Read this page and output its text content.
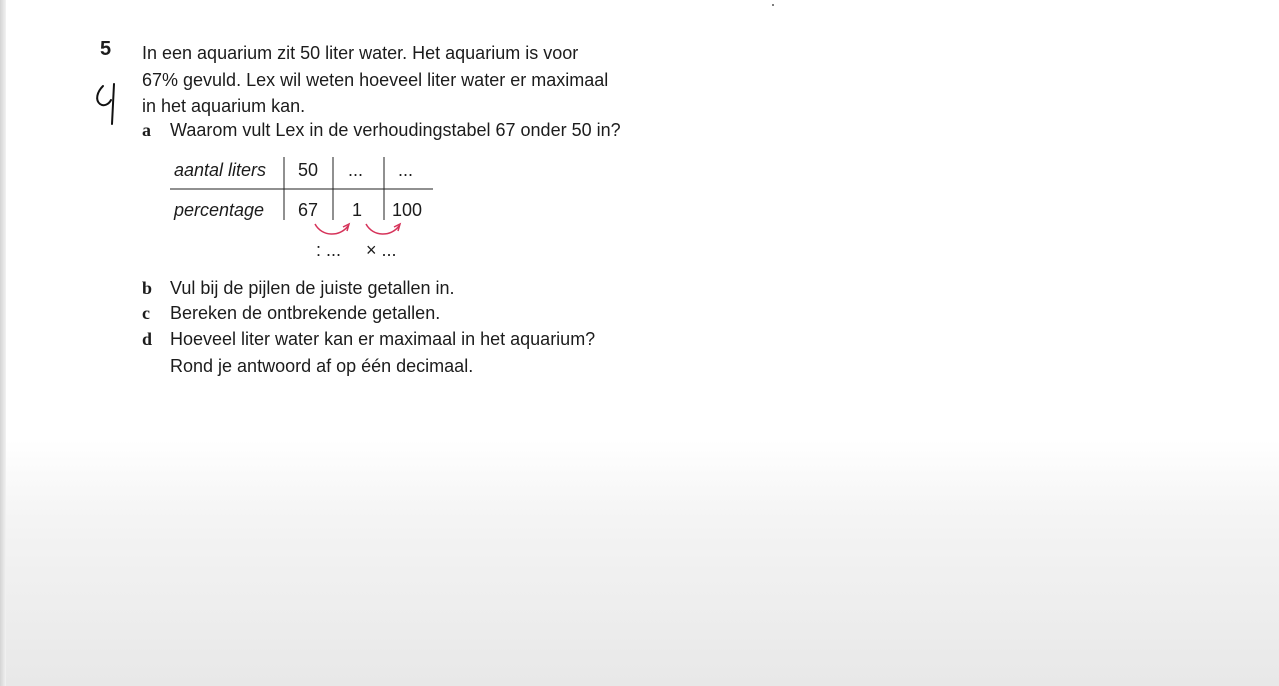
5 In een aquarium zit 50 liter water. Het aquarium is voor
67% gevuld. Lex wil weten hoeveel liter water er maximaal
in het aquarium kan.
a Waarom vult Lex in de verhoudingstabel 67 onder 50 in?
aantal liters 50 ... ...
percentage 67 1 100
: ... × ...
b Vul bij de pijlen de juiste getallen in.
c Bereken de ontbrekende getallen.
d Hoeveel liter water kan er maximaal in het aquarium?
Rond je antwoord af op één decimaal.
